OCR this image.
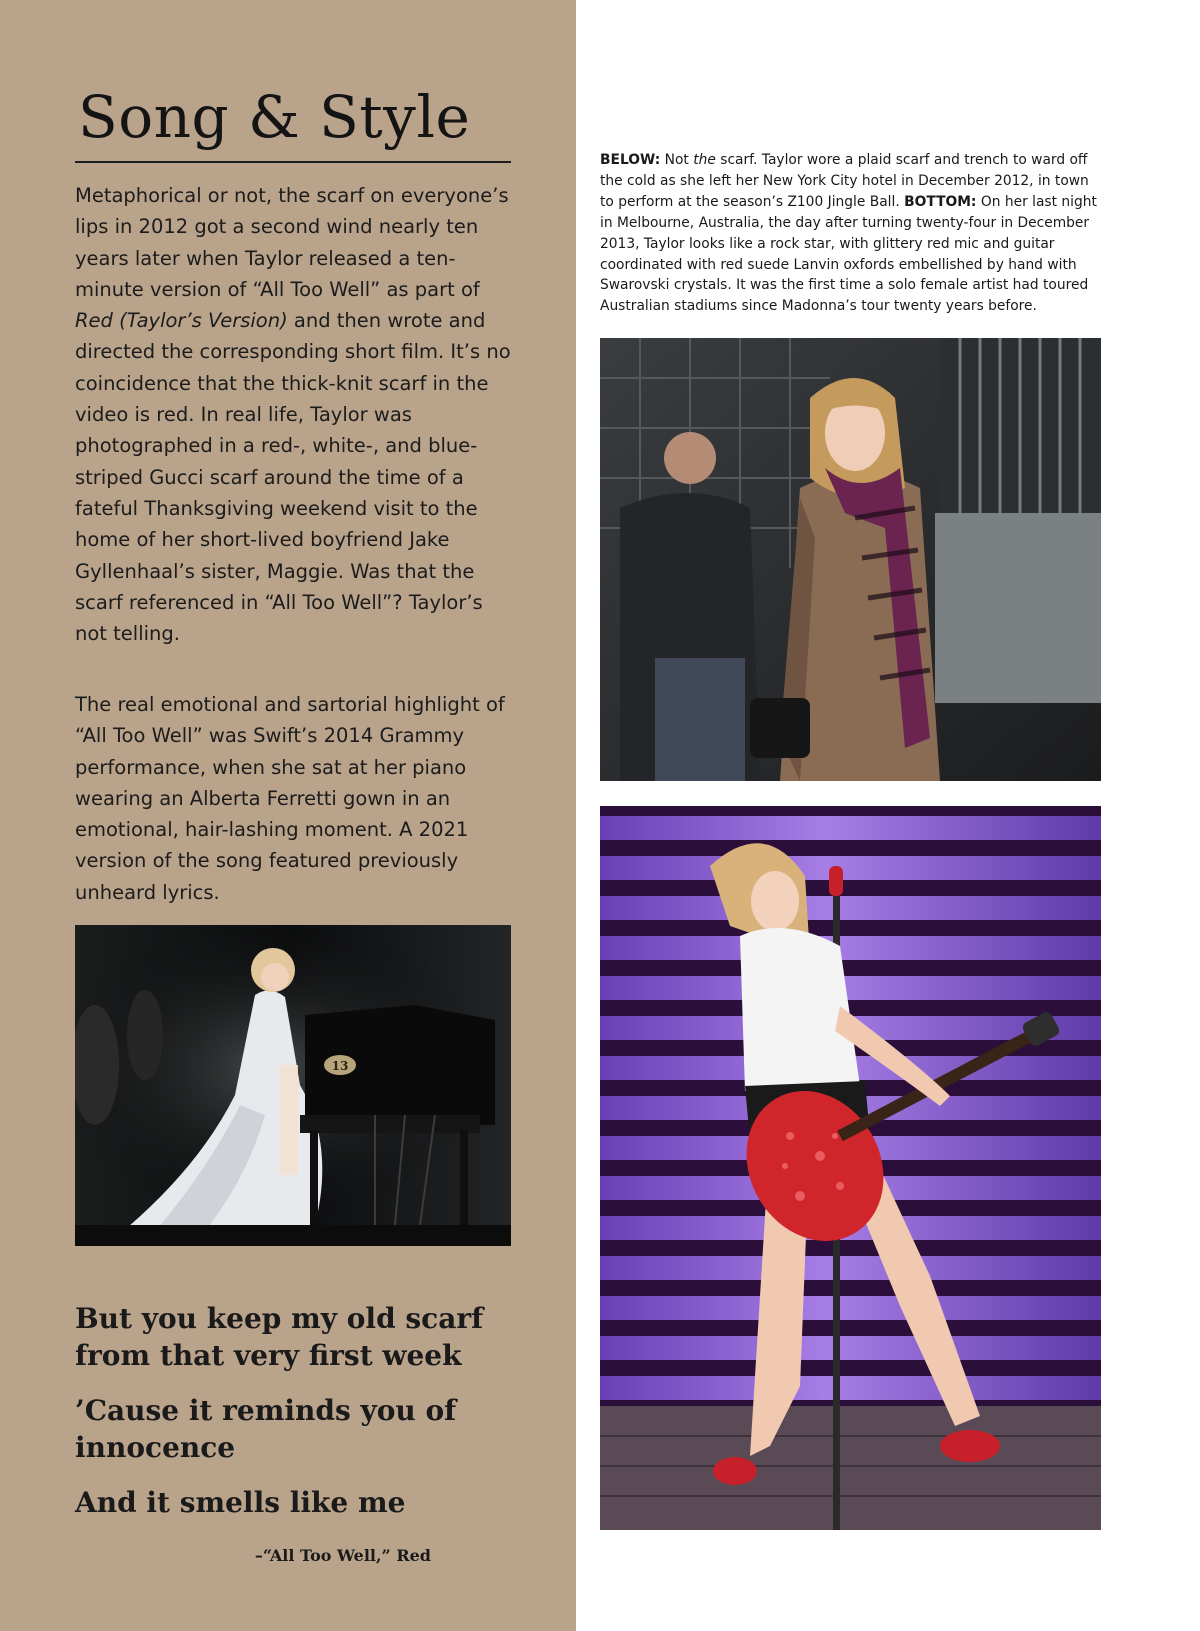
Song & Style

Metaphorical or not, the scarf on everyone’s lips in 2012 got a second wind nearly ten years later when Taylor released a ten-minute version of “All Too Well” as part of Red (Taylor’s Version) and then wrote and directed the corresponding short film. It’s no coincidence that the thick-knit scarf in the video is red. In real life, Taylor was photographed in a red-, white-, and blue-striped Gucci scarf around the time of a fateful Thanksgiving weekend visit to the home of her short-lived boyfriend Jake Gyllenhaal’s sister, Maggie. Was that the scarf referenced in “All Too Well”? Taylor’s not telling.

The real emotional and sartorial highlight of “All Too Well” was Swift’s 2014 Grammy performance, when she sat at her piano wearing an Alberta Ferretti gown in an emotional, hair-lashing moment. A 2021 version of the song featured previously unheard lyrics.

13

BELOW: Not the scarf. Taylor wore a plaid scarf and trench to ward off the cold as she left her New York City hotel in December 2012, in town to perform at the season’s Z100 Jingle Ball. BOTTOM: On her last night in Melbourne, Australia, the day after turning twenty-four in December 2013, Taylor looks like a rock star, with glittery red mic and guitar coordinated with red suede Lanvin oxfords embellished by hand with Swarovski crystals. It was the first time a solo female artist had toured Australian stadiums since Madonna’s tour twenty years before.

But you keep my old scarf from that very first week

’Cause it reminds you of innocence

And it smells like me

–“All Too Well,” Red
